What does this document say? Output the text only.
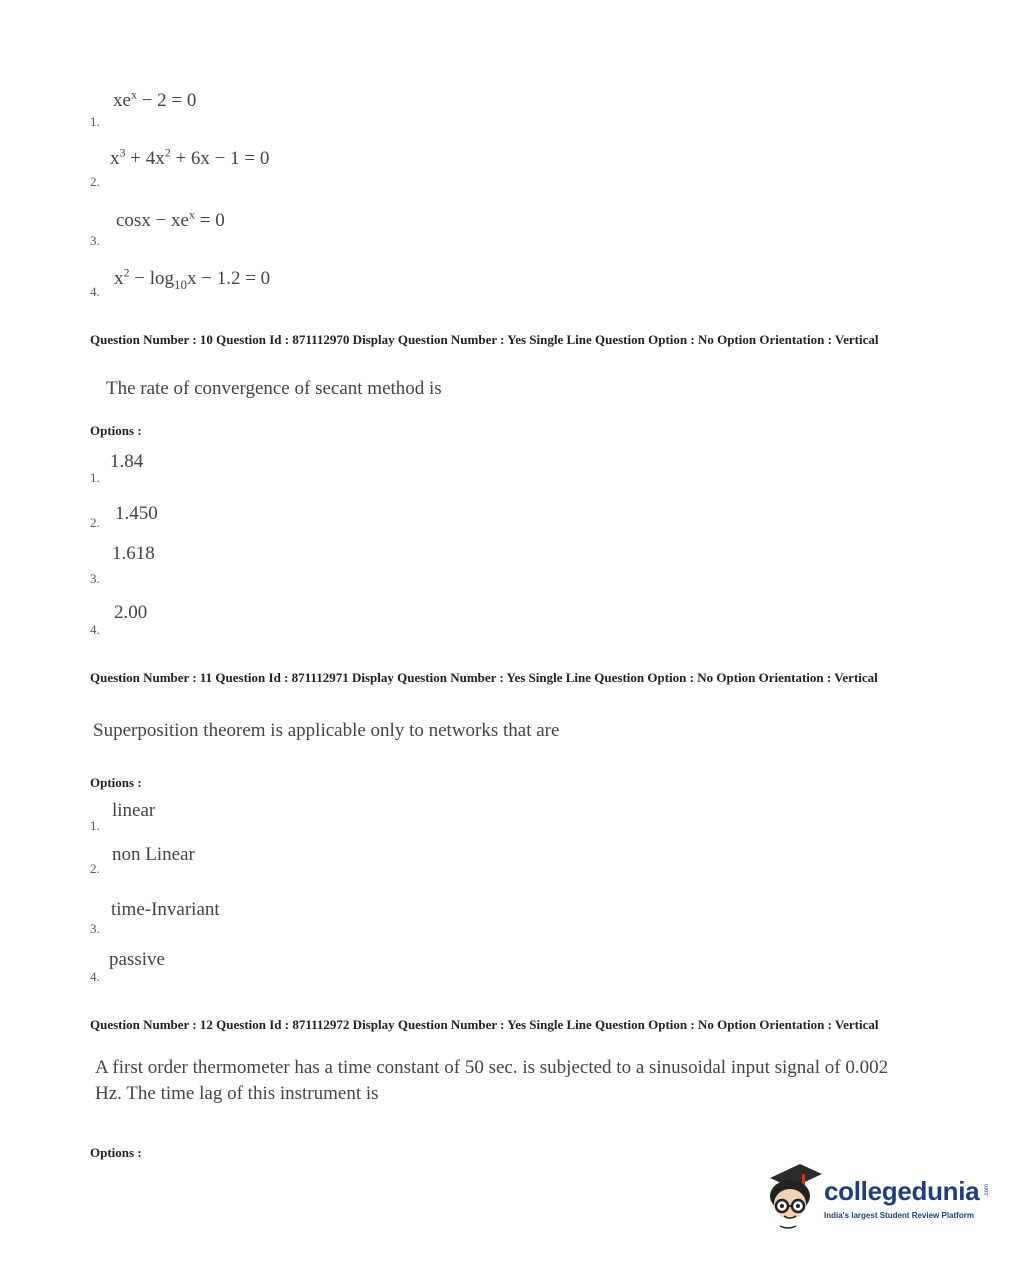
$xe^x - 2 = 0$
1.
$x^3 + 4x^2 + 6x - 1 = 0$
2.
$\cos x - xe^x = 0$
3.
$x^2 - \log_{10}x - 1.2 = 0$
4.
Question Number : 10 Question Id : 871112970 Display Question Number : Yes Single Line Question Option : No Option Orientation : Vertical
The rate of convergence of secant method is
Options :
1.84
1.
1.450
2.
1.618
3.
2.00
4.
Question Number : 11 Question Id : 871112971 Display Question Number : Yes Single Line Question Option : No Option Orientation : Vertical
Superposition theorem is applicable only to networks that are
Options :
linear
1.
non Linear
2.
time-Invariant
3.
passive
4.
Question Number : 12 Question Id : 871112972 Display Question Number : Yes Single Line Question Option : No Option Orientation : Vertical
A first order thermometer has a time constant of 50 sec. is subjected to a sinusoidal input signal of 0.002 Hz. The time lag of this instrument is
Options :
collegedunia .com
India's largest Student Review Platform
